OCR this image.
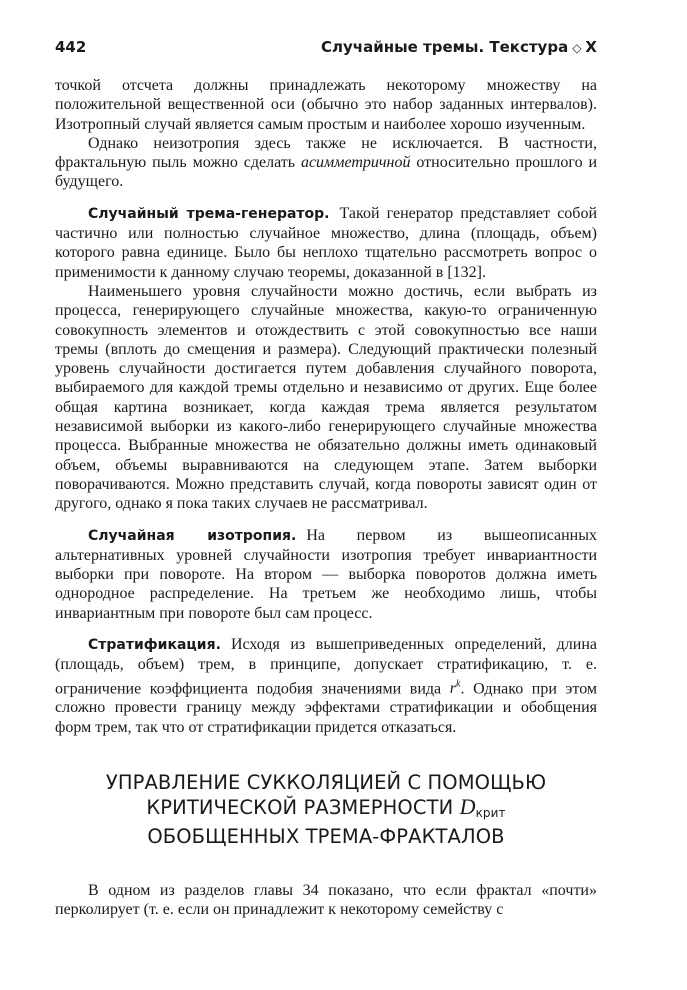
442	Случайные тремы. Текстура ◇ X

точкой отсчета должны принадлежать некоторому множеству на положительной вещественной оси (обычно это набор заданных интервалов). Изотропный случай является самым простым и наиболее хорошо изученным.

Однако неизотропия здесь также не исключается. В частности, фрактальную пыль можно сделать асимметричной относительно прошлого и будущего.

Случайный трема-генератор. Такой генератор представляет собой частично или полностью случайное множество, длина (площадь, объем) которого равна единице. Было бы неплохо тщательно рассмотреть вопрос о применимости к данному случаю теоремы, доказанной в [132].

Наименьшего уровня случайности можно достичь, если выбрать из процесса, генерирующего случайные множества, какую-то ограниченную совокупность элементов и отождествить с этой совокупностью все наши тремы (вплоть до смещения и размера). Следующий практически полезный уровень случайности достигается путем добавления случайного поворота, выбираемого для каждой тремы отдельно и независимо от других. Еще более общая картина возникает, когда каждая трема является результатом независимой выборки из какого-либо генерирующего случайные множества процесса. Выбранные множества не обязательно должны иметь одинаковый объем, объемы выравниваются на следующем этапе. Затем выборки поворачиваются. Можно представить случай, когда повороты зависят один от другого, однако я пока таких случаев не рассматривал.

Случайная изотропия. На первом из вышеописанных альтернативных уровней случайности изотропия требует инвариантности выборки при повороте. На втором — выборка поворотов должна иметь однородное распределение. На третьем же необходимо лишь, чтобы инвариантным при повороте был сам процесс.

Стратификация. Исходя из вышеприведенных определений, длина (площадь, объем) трем, в принципе, допускает стратификацию, т. е. ограничение коэффициента подобия значениями вида $r^k$. Однако при этом сложно провести границу между эффектами стратификации и обобщения форм трем, так что от стратификации придется отказаться.

УПРАВЛЕНИЕ СУККОЛЯЦИЕЙ С ПОМОЩЬЮ КРИТИЧЕСКОЙ РАЗМЕРНОСТИ Dкрит ОБОБЩЕННЫХ ТРЕМА-ФРАКТАЛОВ

В одном из разделов главы 34 показано, что если фрактал «почти» перколирует (т. е. если он принадлежит к некоторому семейству с
